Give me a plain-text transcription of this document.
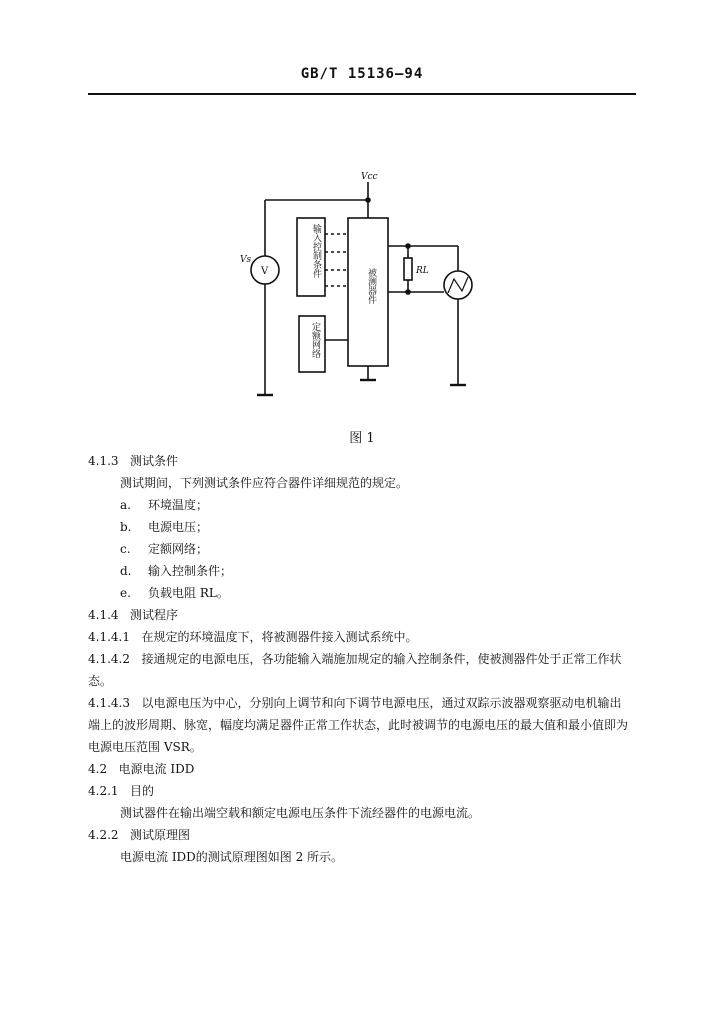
GB/T 15136—94
Vcc
Vs
V	RL
输入控制条件
被测器件
定额网络
图 1
4.1.3 测试条件
测试期间，下列测试条件应符合器件详细规范的规定。
a. 环境温度；
b. 电源电压；
c. 定额网络；
d. 输入控制条件；
e. 负载电阻 RL。
4.1.4 测试程序
4.1.4.1 在规定的环境温度下，将被测器件接入测试系统中。
4.1.4.2 接通规定的电源电压，各功能输入端施加规定的输入控制条件，使被测器件处于正常工作状
态。
4.1.4.3 以电源电压为中心，分别向上调节和向下调节电源电压，通过双踪示波器观察驱动电机输出
端上的波形周期、脉宽，幅度均满足器件正常工作状态，此时被调节的电源电压的最大值和最小值即为
电源电压范围 VSR。
4.2 电源电流 IDD
4.2.1 目的
测试器件在输出端空载和额定电源电压条件下流经器件的电源电流。
4.2.2 测试原理图
电源电流 IDD的测试原理图如图 2 所示。
